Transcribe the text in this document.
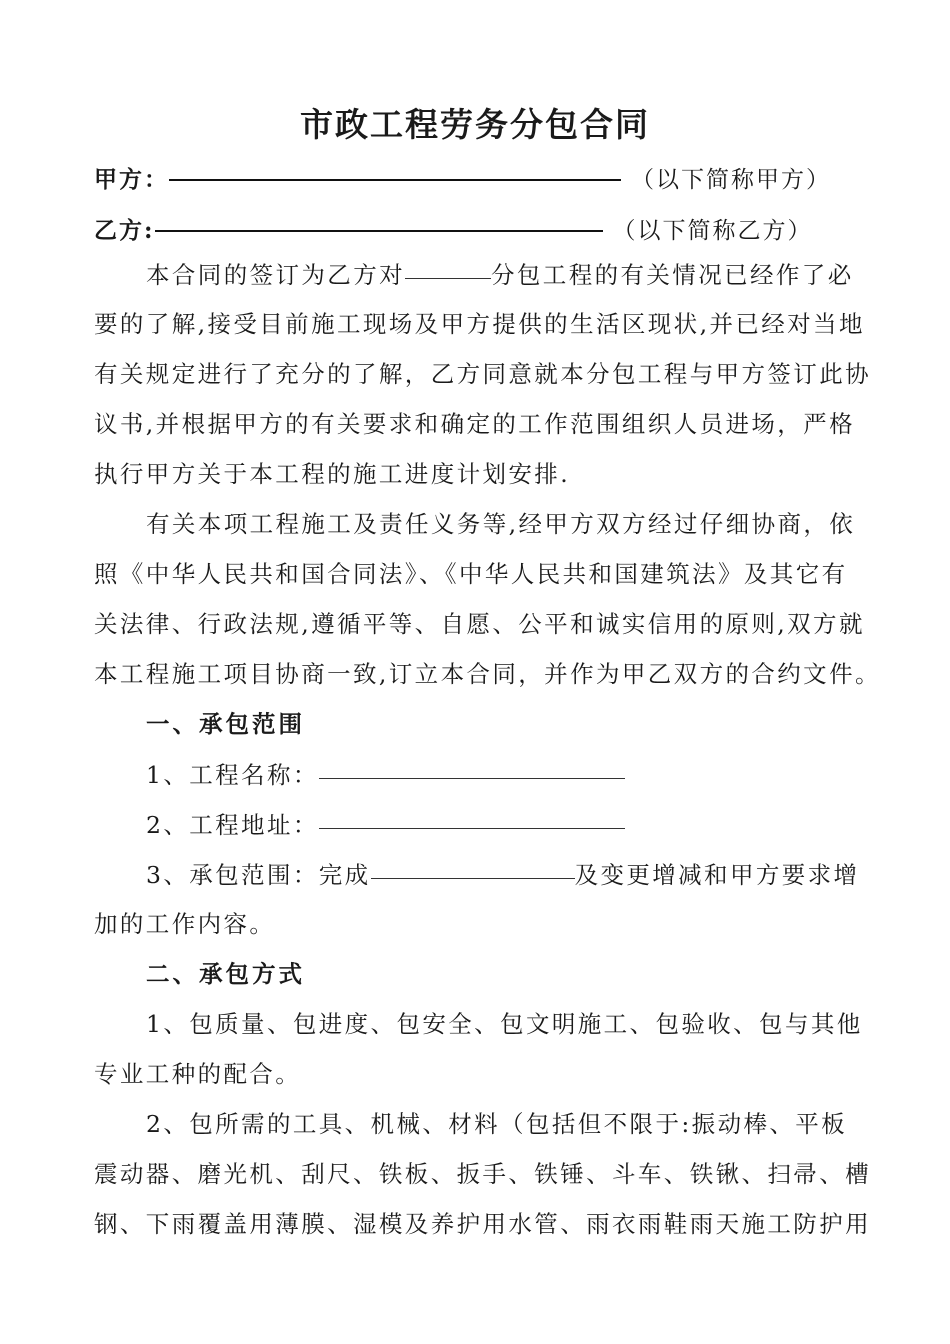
市政工程劳务分包合同
甲方：	（以下简称甲方）
乙方:	（以下简称乙方）
本合同的签订为乙方对	分包工程的有关情况已经作了必
要的了解,接受目前施工现场及甲方提供的生活区现状,并已经对当地
有关规定进行了充分的了解，乙方同意就本分包工程与甲方签订此协
议书,并根据甲方的有关要求和确定的工作范围组织人员进场，严格
执行甲方关于本工程的施工进度计划安排.
有关本项工程施工及责任义务等,经甲方双方经过仔细协商，依
照《中华人民共和国合同法》、《中华人民共和国建筑法》及其它有
关法律、行政法规,遵循平等、自愿、公平和诚实信用的原则,双方就
本工程施工项目协商一致,订立本合同，并作为甲乙双方的合约文件。
一、承包范围
1、工程名称：
2、工程地址：
3、承包范围：完成	及变更增减和甲方要求增
加的工作内容。
二、承包方式
1、包质量、包进度、包安全、包文明施工、包验收、包与其他
专业工种的配合。
2、包所需的工具、机械、材料（包括但不限于:振动棒、平板
震动器、磨光机、刮尺、铁板、扳手、铁锤、斗车、铁锹、扫帚、槽
钢、下雨覆盖用薄膜、湿模及养护用水管、雨衣雨鞋雨天施工防护用
